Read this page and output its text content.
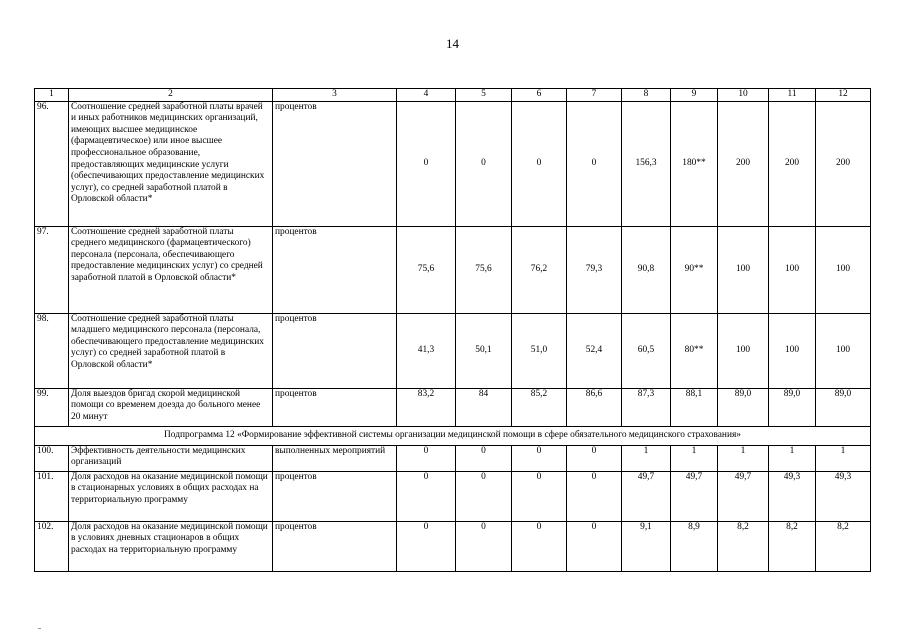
14
1	2	3	4	5	6	7	8	9	10	11	12
96.	Соотношение средней заработной платы врачей и иных работников медицинских организаций, имеющих высшее медицинское (фармацевтическое) или иное высшее профессиональное образование, предоставляющих медицинские услуги (обеспечивающих предоставление медицинских услуг), со средней заработной платой в Орловской области*	процентов	0	0	0	0	156,3	180**	200	200	200
97.	Соотношение средней заработной платы среднего медицинского (фармацевтического) персонала (персонала, обеспечивающего предоставление медицинских услуг) со средней заработной платой в Орловской области*	процентов	75,6	75,6	76,2	79,3	90,8	90**	100	100	100
98.	Соотношение средней заработной платы младшего медицинского персонала (персонала, обеспечивающего предоставление медицинских услуг) со средней заработной платой в Орловской области*	процентов	41,3	50,1	51,0	52,4	60,5	80**	100	100	100
99.	Доля выездов бригад скорой медицинской помощи со временем доезда до больного менее 20 минут	процентов	83,2	84	85,2	86,6	87,3	88,1	89,0	89,0	89,0
Подпрограмма 12 «Формирование эффективной системы организации медицинской помощи в сфере обязательного медицинского страхования»											
100.	Эффективность деятельности медицинских организаций	выполненных мероприятий	0	0	0	0	1	1	1	1	1
101.	Доля расходов на оказание медицинской помощи в стационарных условиях в общих расходах на территориальную программу	процентов	0	0	0	0	49,7	49,7	49,7	49,3	49,3
102.	Доля расходов на оказание медицинской помощи в условиях дневных стационаров в общих расходах на территориальную программу	процентов	0	0	0	0	9,1	8,9	8,2	8,2	8,2
